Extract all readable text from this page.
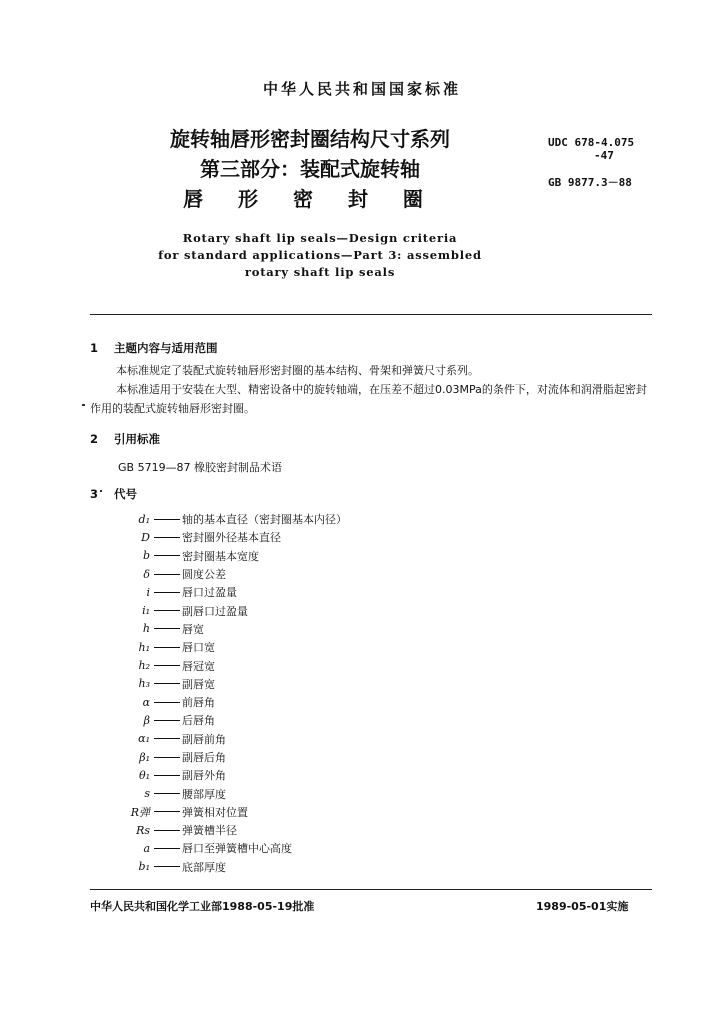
中华人民共和国国家标准
旋转轴唇形密封圈结构尺寸系列
第三部分：装配式旋转轴
唇 形 密 封 圈
UDC 678-4.075
-47
GB 9877.3－88
Rotary shaft lip seals—Design criteria
for standard applications—Part 3: assembled
rotary shaft lip seals
1 主题内容与适用范围

本标准规定了装配式旋转轴唇形密封圈的基本结构、骨架和弹簧尺寸系列。

本标准适用于安装在大型、精密设备中的旋转轴端，在压差不超过0.03MPa的条件下，对流体和润滑脂起密封作用的装配式旋转轴唇形密封圈。

2 引用标准
GB 5719—87 橡胶密封制品术语
3 代号
d₁	轴的基本直径（密封圈基本内径）
D	密封圈外径基本直径
b	密封圈基本宽度
δ	圆度公差
i	唇口过盈量
i₁	副唇口过盈量
h	唇宽
h₁	唇口宽
h₂	唇冠宽
h₃	副唇宽
α	前唇角
β	后唇角
α₁	副唇前角
β₁	副唇后角
θ₁	副唇外角
s	腰部厚度
R弹	弹簧相对位置
Rs	弹簧槽半径
a	唇口至弹簧槽中心高度
b₁	底部厚度
中华人民共和国化学工业部1988-05-19批准	1989-05-01实施
